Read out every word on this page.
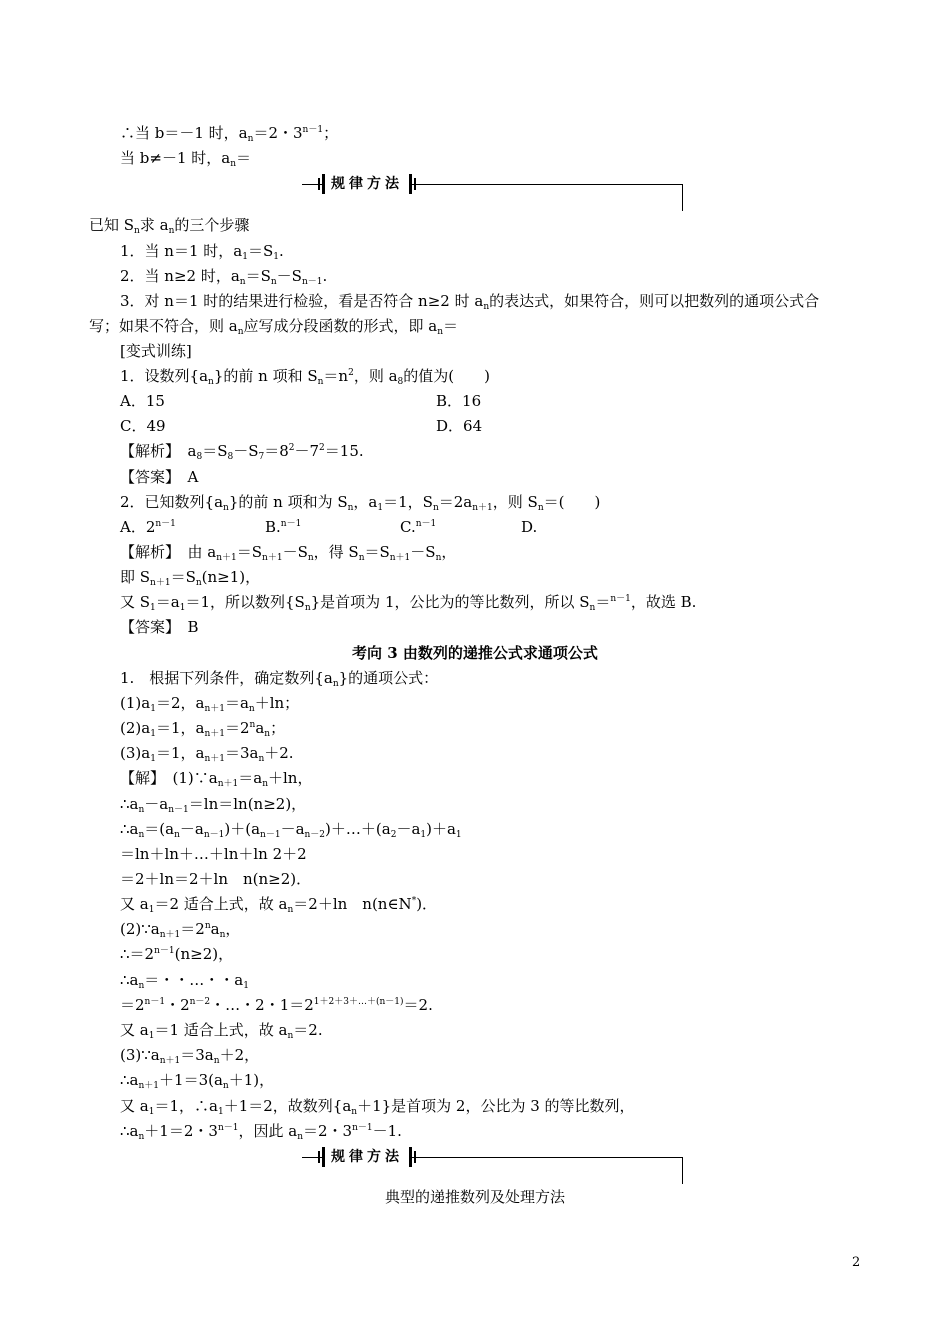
∴当 b＝－1 时，$a_n=2$・$3^{n-1}$；
当 b≠－1 时，$a_n=$
规律方法
已知 $S_n$求 $a_n$的三个步骤
1．当 n＝1 时，$a_1=S_1$.
2．当 n≥2 时，$a_n=S_n-S_{n-1}$.
3．对 n＝1 时的结果进行检验，看是否符合 n≥2 时 $a_n$的表达式，如果符合，则可以把数列的通项公式合
写；如果不符合，则 $a_n$应写成分段函数的形式，即 $a_n=$
[变式训练]
1．设数列$\{a_n\}$的前 n 项和 $S_n=n^2$，则 $a_8$的值为(　　)
A．15	B．16
C．49	D．64
【解析】　$a_8=S_8-S_7=8^2-7^2=15$.
【答案】　A
2．已知数列$\{a_n\}$的前 n 项和为 $S_n$，$a_1=1$，$S_n=2a_{n+1}$，则 $S_n=$(　　)
A．$2^{n-1}$	B.$^{n-1}$	C.$^{n-1}$	D.
【解析】　由 $a_{n+1}=S_{n+1}-S_n$，得 $S_n=S_{n+1}-S_n$，
即 $S_{n+1}=S_n(n\ge 1)$，
又 $S_1=a_1=1$，所以数列$\{S_n\}$是首项为 1，公比为的等比数列，所以 $S_n=^{n-1}$，故选 B.
【答案】　B
考向 3 由数列的递推公式求通项公式
1.　根据下列条件，确定数列$\{a_n\}$的通项公式：
$(1)a_1=2$，$a_{n+1}=a_n+\ln$；
$(2)a_1=1$，$a_{n+1}=2^na_n$；
$(3)a_1=1$，$a_{n+1}=3a_n+2$.
【解】　$(1)\because a_{n+1}=a_n+\ln$，
$\therefore a_n-a_{n-1}=\ln=\ln(n\ge 2)$，
$\therefore a_n=(a_n-a_{n-1})+(a_{n-1}-a_{n-2})+\dots+(a_2-a_1)+a_1$
＝ln＋ln＋…＋ln＋ln 2＋2
＝2＋ln＝2＋ln　n(n≥2)．
又 $a_1=2$ 适合上式，故 $a_n=2+\ln$　n(n∈N*)．
$(2)\because a_{n+1}=2^na_n$，
$\therefore=2^{n-1}(n\ge 2)$，
$\therefore a_n=$・・…・・$a_1$
$=2^{n-1}$・$2^{n-2}$・…・2・$1=2^{1+2+3+\dots+(n-1)}=2$.
又 $a_1=1$ 适合上式，故 $a_n=2$.
$(3)\because a_{n+1}=3a_n+2$，
$\therefore a_{n+1}+1=3(a_n+1)$，
又 $a_1=1$，$\therefore a_1+1=2$，故数列$\{a_n+1\}$是首项为 2，公比为 3 的等比数列，
$\therefore a_n+1=2$・$3^{n-1}$，因此 $a_n=2$・$3^{n-1}-1$.
规律方法
典型的递推数列及处理方法
2
